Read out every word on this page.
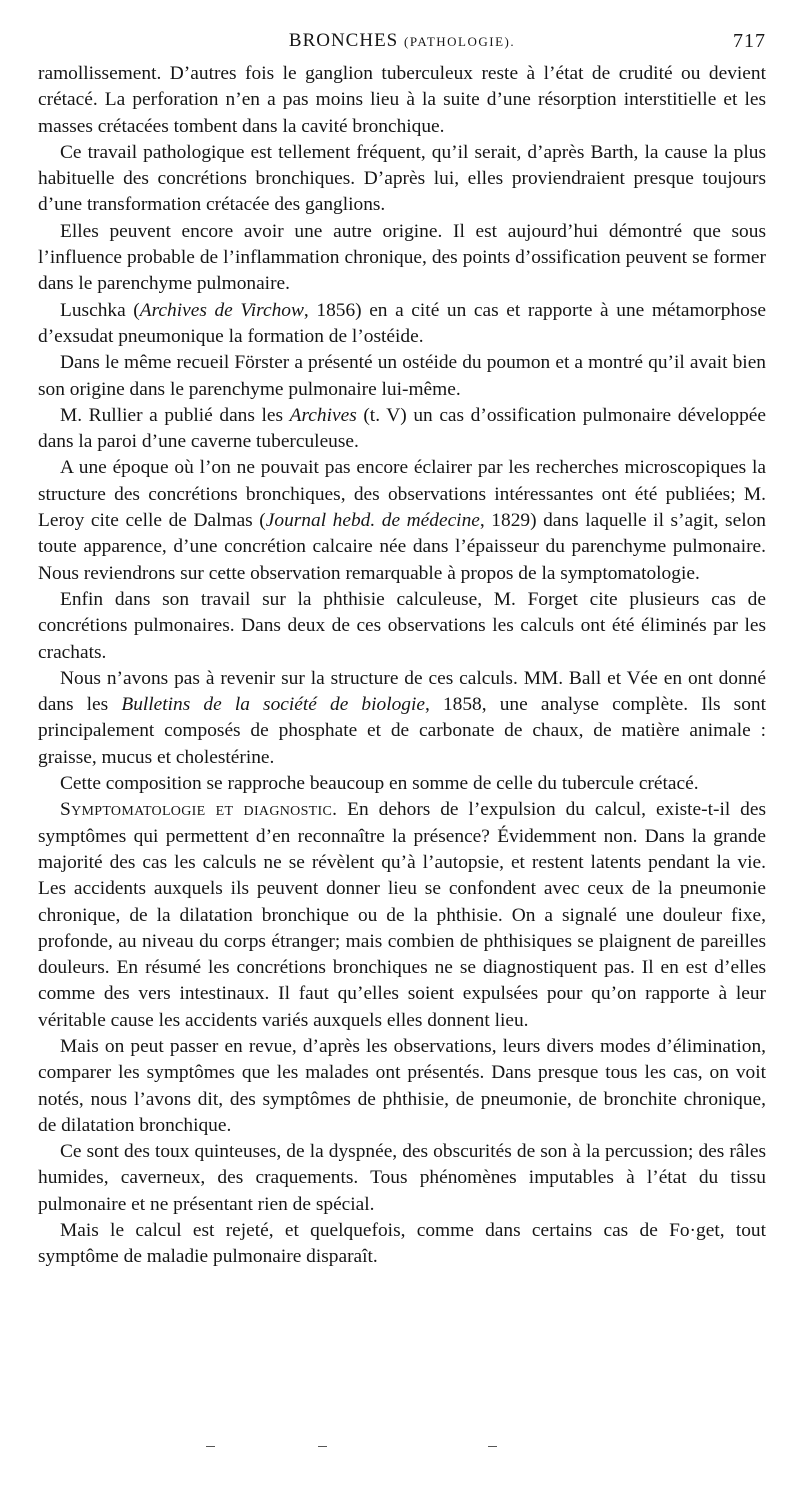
BRONCHES (PATHOLOGIE).	717

ramollissement. D’autres fois le ganglion tuberculeux reste à l’état de crudité ou devient crétacé. La perforation n’en a pas moins lieu à la suite d’une résorption interstitielle et les masses crétacées tombent dans la cavité bronchique.

Ce travail pathologique est tellement fréquent, qu’il serait, d’après Barth, la cause la plus habituelle des concrétions bronchiques. D’après lui, elles proviendraient presque toujours d’une transformation crétacée des ganglions.

Elles peuvent encore avoir une autre origine. Il est aujourd’hui démontré que sous l’influence probable de l’inflammation chronique, des points d’ossification peuvent se former dans le parenchyme pulmonaire.

Luschka (Archives de Virchow, 1856) en a cité un cas et rapporte à une métamorphose d’exsudat pneumonique la formation de l’ostéide.

Dans le même recueil Förster a présenté un ostéide du poumon et a montré qu’il avait bien son origine dans le parenchyme pulmonaire lui-même.

M. Rullier a publié dans les Archives (t. V) un cas d’ossification pulmonaire développée dans la paroi d’une caverne tuberculeuse.

A une époque où l’on ne pouvait pas encore éclairer par les recherches microscopiques la structure des concrétions bronchiques, des observations intéressantes ont été publiées; M. Leroy cite celle de Dalmas (Journal hebd. de médecine, 1829) dans laquelle il s’agit, selon toute apparence, d’une concrétion calcaire née dans l’épaisseur du parenchyme pulmonaire. Nous reviendrons sur cette observation remarquable à propos de la symptomatologie.

Enfin dans son travail sur la phthisie calculeuse, M. Forget cite plusieurs cas de concrétions pulmonaires. Dans deux de ces observations les calculs ont été éliminés par les crachats.

Nous n’avons pas à revenir sur la structure de ces calculs. MM. Ball et Vée en ont donné dans les Bulletins de la société de biologie, 1858, une analyse complète. Ils sont principalement composés de phosphate et de carbonate de chaux, de matière animale : graisse, mucus et cholestérine.

Cette composition se rapproche beaucoup en somme de celle du tubercule crétacé.

Symptomatologie et diagnostic. En dehors de l’expulsion du calcul, existe-t-il des symptômes qui permettent d’en reconnaître la présence? Évidemment non. Dans la grande majorité des cas les calculs ne se révèlent qu’à l’autopsie, et restent latents pendant la vie. Les accidents auxquels ils peuvent donner lieu se confondent avec ceux de la pneumonie chronique, de la dilatation bronchique ou de la phthisie. On a signalé une douleur fixe, profonde, au niveau du corps étranger; mais combien de phthisiques se plaignent de pareilles douleurs. En résumé les concrétions bronchiques ne se diagnostiquent pas. Il en est d’elles comme des vers intestinaux. Il faut qu’elles soient expulsées pour qu’on rapporte à leur véritable cause les accidents variés auxquels elles donnent lieu.

Mais on peut passer en revue, d’après les observations, leurs divers modes d’élimination, comparer les symptômes que les malades ont présentés. Dans presque tous les cas, on voit notés, nous l’avons dit, des symptômes de phthisie, de pneumonie, de bronchite chronique, de dilatation bronchique.

Ce sont des toux quinteuses, de la dyspnée, des obscurités de son à la percussion; des râles humides, caverneux, des craquements. Tous phénomènes imputables à l’état du tissu pulmonaire et ne présentant rien de spécial.

Mais le calcul est rejeté, et quelquefois, comme dans certains cas de Fo·get, tout symptôme de maladie pulmonaire disparaît.
